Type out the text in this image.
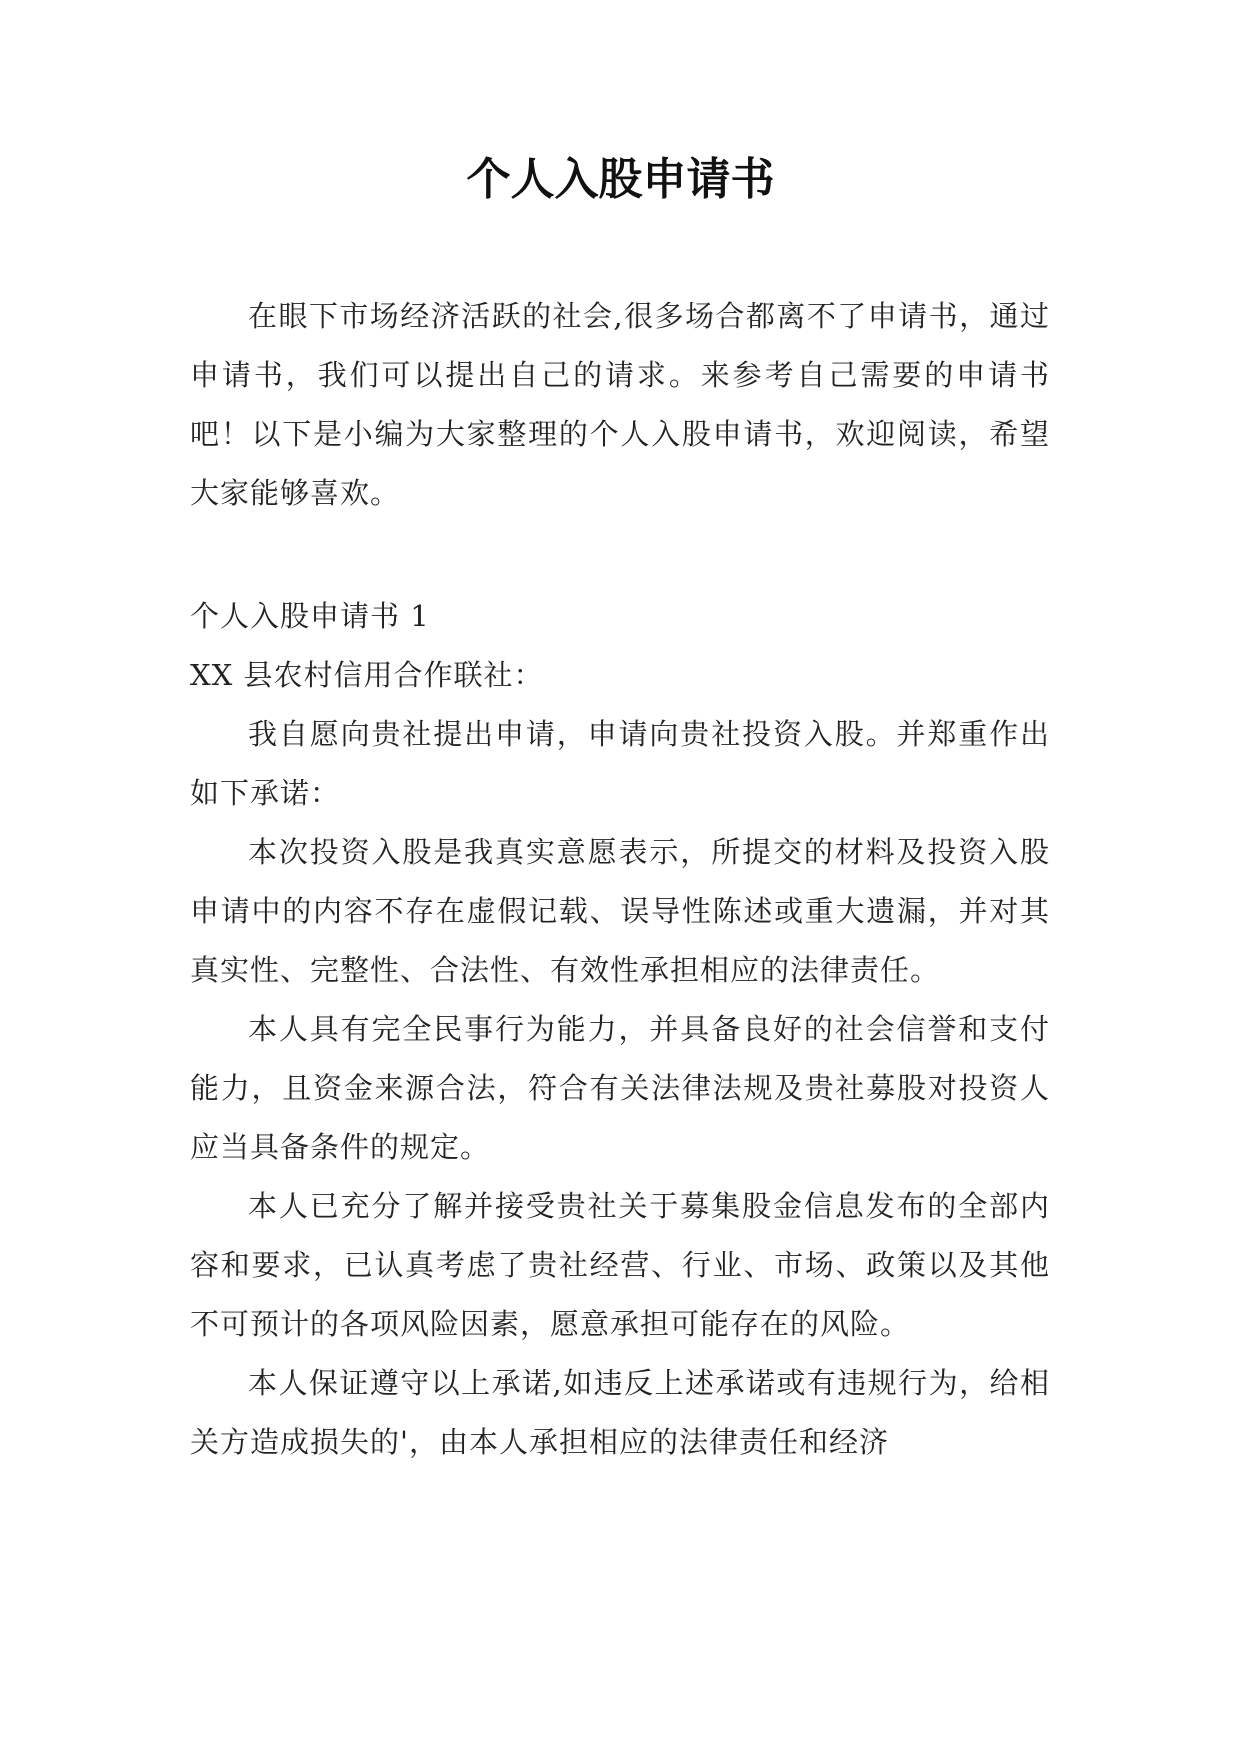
个人入股申请书

在眼下市场经济活跃的社会,很多场合都离不了申请书，通过申请书，我们可以提出自己的请求。来参考自己需要的申请书吧！以下是小编为大家整理的个人入股申请书，欢迎阅读，希望大家能够喜欢。

个人入股申请书 1

XX 县农村信用合作联社：

我自愿向贵社提出申请，申请向贵社投资入股。并郑重作出如下承诺：

本次投资入股是我真实意愿表示，所提交的材料及投资入股申请中的内容不存在虚假记载、误导性陈述或重大遗漏，并对其真实性、完整性、合法性、有效性承担相应的法律责任。

本人具有完全民事行为能力，并具备良好的社会信誉和支付能力，且资金来源合法，符合有关法律法规及贵社募股对投资人应当具备条件的规定。

本人已充分了解并接受贵社关于募集股金信息发布的全部内容和要求，已认真考虑了贵社经营、行业、市场、政策以及其他不可预计的各项风险因素，愿意承担可能存在的风险。

本人保证遵守以上承诺,如违反上述承诺或有违规行为，给相关方造成损失的'，由本人承担相应的法律责任和经济
